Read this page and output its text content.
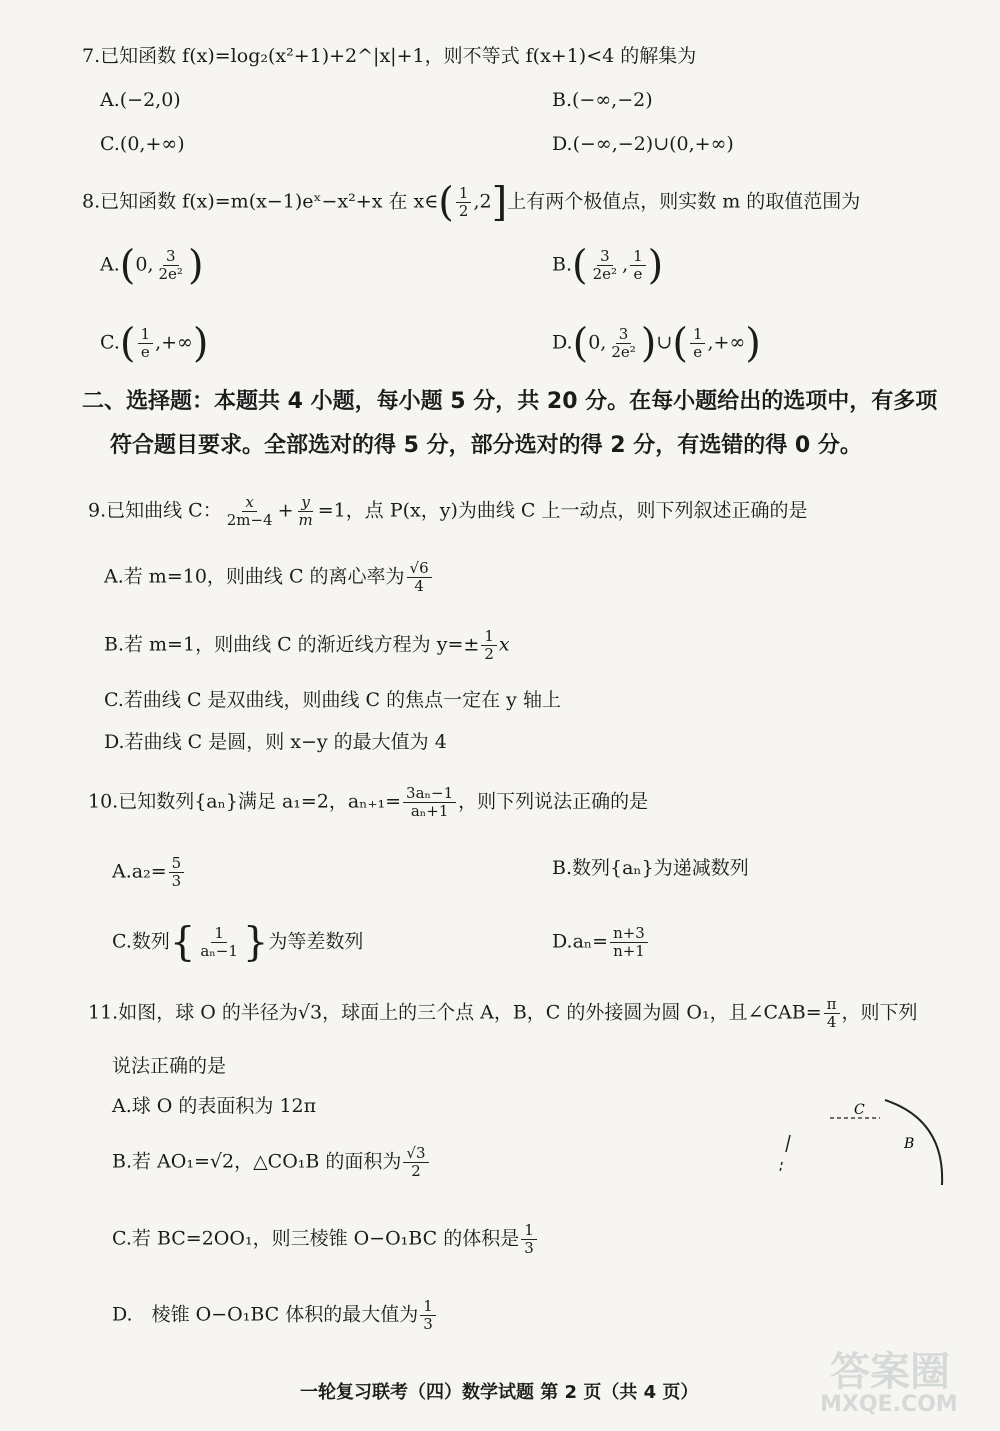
7.已知函数 f(x)=log₂(x²+1)+2^|x|+1，则不等式 f(x+1)<4 的解集为
A.(−2,0)	B.(−∞,−2)
C.(0,+∞)	D.(−∞,−2)∪(0,+∞)
8.已知函数 f(x)=m(x−1)eˣ−x²+x 在 x∈( $\frac{1}{2} ,2$]上有两个极值点，则实数 m 的取值范围为
A.(0, $\frac{3}{\text{2e²}}$ )	$B.( \frac{3}{\text{2e²}}$ , $\frac{1}{e}$ )
$C.( \frac{1}{e}$ ,+∞)	D.(0, $\frac{3}{\text{2e²}}$ )∪( $\frac{1}{e}$ ,+∞)
二、选择题：本题共 4 小题，每小题 5 分，共 20 分。在每小题给出的选项中，有多项
符合题目要求。全部选对的得 5 分，部分选对的得 2 分，有选错的得 0 分。
9.已知曲线 C： $\frac{x}{2m-4} + \frac{y}{m} =1$，点 P(x，y)为曲线 C 上一动点，则下列叙述正确的是
A.若 m=10，则曲线 C 的离心率为 $\frac{√6}{4}$
B.若 m=1，则曲线 C 的渐近线方程为 $y=\pm \frac{1}{2}$ x
C.若曲线 C 是双曲线，则曲线 C 的焦点一定在 y 轴上
D.若曲线 C 是圆，则 x−y 的最大值为 4
10.已知数列{aₙ}满足 a₁=2，$a_{n+1}= \frac{\text{3aₙ−1}}{\text{aₙ+1}}$ ，则下列说法正确的是
$A.a_2= \frac{5}{3}$	B.数列{aₙ}为递减数列
C.数列{ $\frac{1}{\text{aₙ−1}}$ }为等差数列	$D.a_n= \frac{n+3}{n+1}$
11.如图，球 O 的半径为√3，球面上的三个点 A，B，C 的外接圆为圆 O₁，且∠CAB= $\frac{\pi}{4}$ ，则下列
说法正确的是
A.球 O 的表面积为 12π
B.若 AO₁=√2，△CO₁B 的面积为 $\frac{√3}{2}$
C.若 BC=2OO₁，则三棱锥 O−O₁BC 的体积是 $\frac{1}{3}$
D.　棱锥 O−O₁BC 体积的最大值为 $\frac{1}{3}$
C
B
一轮复习联考（四）数学试题 第 2 页（共 4 页）	答案圈
MXQE.COM
